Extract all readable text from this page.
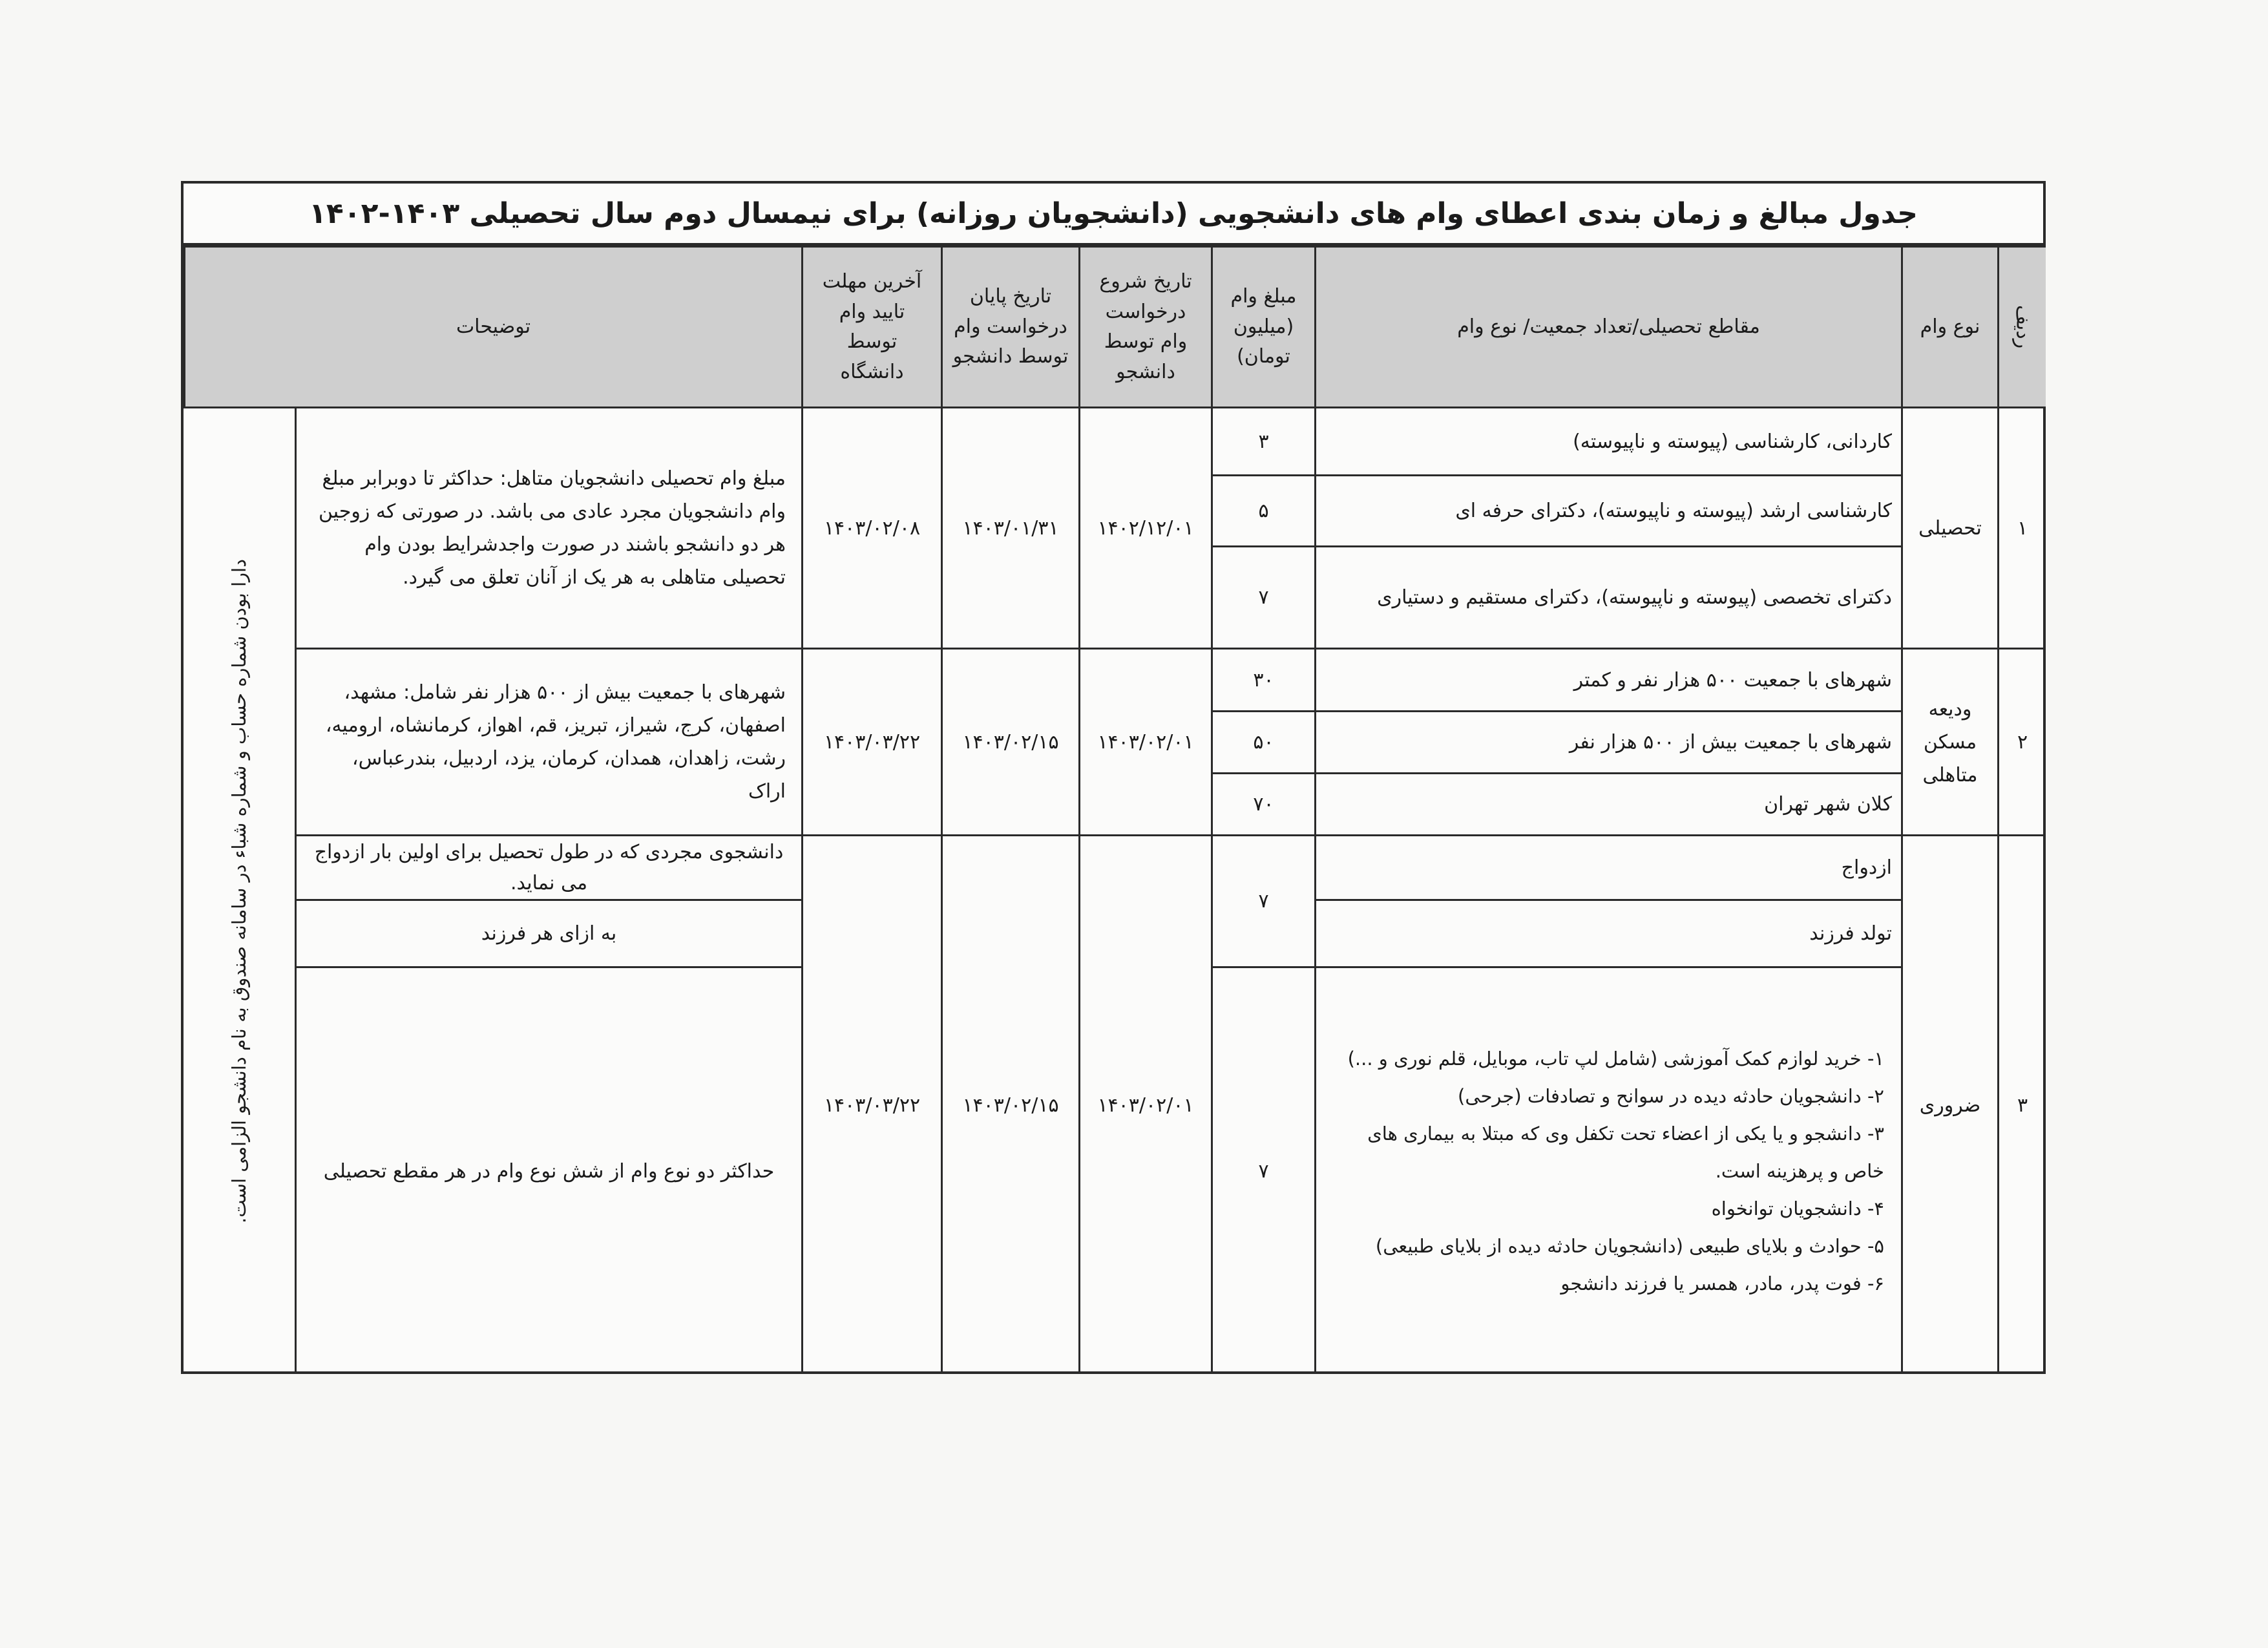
جدول مبالغ و زمان بندی اعطای وام های دانشجویی (دانشجویان روزانه) برای نیمسال دوم سال تحصیلی ۱۴۰۳-۱۴۰۲
ردیف
نوع وام
مقاطع تحصیلی/تعداد جمعیت/ نوع وام
مبلغ وام (میلیون تومان)
تاریخ شروع درخواست وام توسط دانشجو
تاریخ پایان درخواست وام توسط دانشجو
آخرین مهلت تایید وام توسط دانشگاه
توضیحات
۱
تحصیلی
کاردانی، کارشناسی (پیوسته و ناپیوسته)
کارشناسی ارشد (پیوسته و ناپیوسته)، دکترای حرفه ای
دکترای تخصصی (پیوسته و ناپیوسته)، دکترای مستقیم و دستیاری
۳
۵
۷
۱۴۰۲/۱۲/۰۱
۱۴۰۳/۰۱/۳۱
۱۴۰۳/۰۲/۰۸
مبلغ وام تحصیلی دانشجویان متاهل: حداکثر تا دوبرابر مبلغ وام دانشجویان مجرد عادی می باشد. در صورتی که زوجین هر دو دانشجو باشند در صورت واجدشرایط بودن وام تحصیلی متاهلی به هر یک از آنان تعلق می گیرد.
۲
ودیعه مسکن متاهلی
شهرهای با جمعیت ۵۰۰ هزار نفر و کمتر
شهرهای با جمعیت بیش از ۵۰۰ هزار نفر
کلان شهر تهران
۳۰
۵۰
۷۰
۱۴۰۳/۰۲/۰۱
۱۴۰۳/۰۲/۱۵
۱۴۰۳/۰۳/۲۲
شهرهای با جمعیت بیش از ۵۰۰ هزار نفر شامل: مشهد، اصفهان، کرج، شیراز، تبریز، قم، اهواز، کرمانشاه، ارومیه، رشت، زاهدان، همدان، کرمان، یزد، اردبیل، بندرعباس، اراک
۳
ضروری
ازدواج
تولد فرزند
۱- خرید لوازم کمک آموزشی (شامل لپ تاب، موبایل، قلم نوری و ...)
۲- دانشجویان حادثه دیده در سوانح و تصادفات (جرحی)
۳- دانشجو و یا یکی از اعضاء تحت تکفل وی که مبتلا به بیماری های
خاص و پرهزینه است.
۴- دانشجویان توانخواه
۵- حوادث و بلایای طبیعی (دانشجویان حادثه دیده از بلایای طبیعی)
۶- فوت پدر، مادر، همسر یا فرزند دانشجو
۷
۷
۱۴۰۳/۰۲/۰۱
۱۴۰۳/۰۲/۱۵
۱۴۰۳/۰۳/۲۲
دانشجوی مجردی که در طول تحصیل برای اولین بار ازدواج می نماید.
به ازای هر فرزند
حداکثر دو نوع وام از شش نوع وام در هر مقطع تحصیلی
دارا بودن شماره حساب و شماره شباء در سامانه صندوق به نام دانشجو الزامی است.
